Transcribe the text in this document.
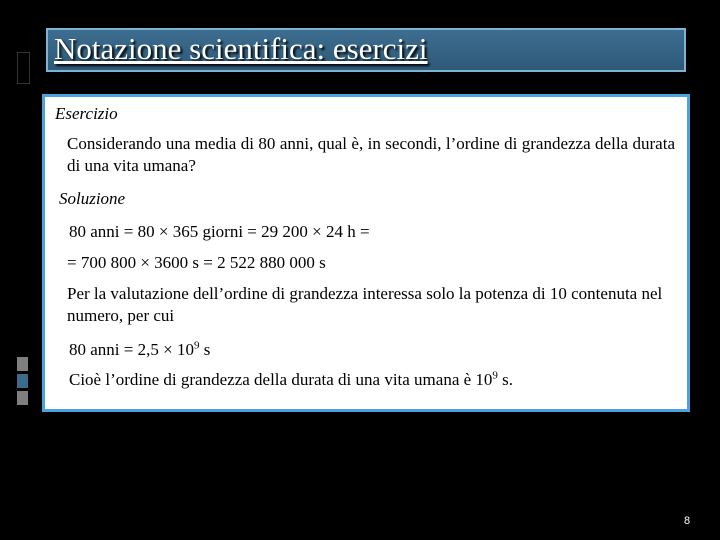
Notazione scientifica: esercizi
Esercizio
Considerando una media di 80 anni, qual è, in secondi, l’ordine di grandezza della durata di una vita umana?
Soluzione
80 anni = 80 × 365 giorni = 29 200 × 24 h =
= 700 800 × 3600 s = 2 522 880 000 s
Per la valutazione dell’ordine di grandezza interessa solo la potenza di 10 contenuta nel numero, per cui
80 anni = $2,5 \times 10^9$ s
Cioè l’ordine di grandezza della durata di una vita umana è $10^9$ s.
8
